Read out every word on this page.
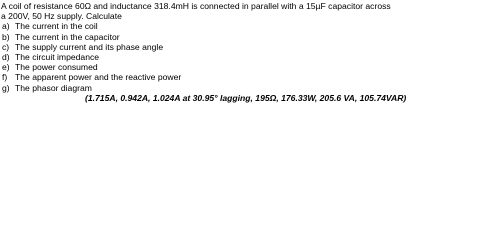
A coil of resistance 60Ω and inductance 318.4mH is connected in parallel with a 15µF capacitor across
a 200V, 50 Hz supply. Calculate
a) The current in the coil
b) The current in the capacitor
c) The supply current and its phase angle
d) The circuit impedance
e) The power consumed
f) The apparent power and the reactive power
g) The phasor diagram
(1.715A, 0.942A, 1.024A at 30.95° lagging, 195Ω, 176.33W, 205.6 VA, 105.74VAR)
